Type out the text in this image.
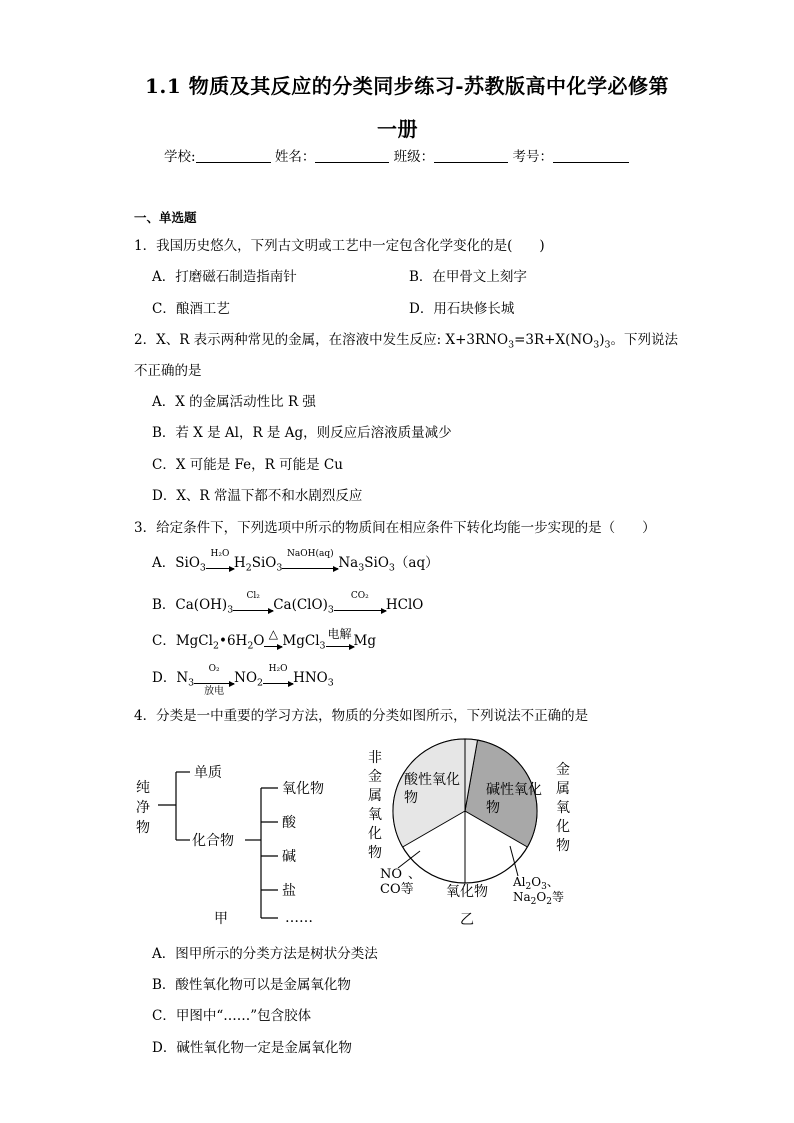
1.1 物质及其反应的分类同步练习-苏教版高中化学必修第
一册
学校:	姓名：	班级：	考号：
一、单选题
1．我国历史悠久，下列古文明或工艺中一定包含化学变化的是(　　)
A．打磨磁石制造指南针	B．在甲骨文上刻字
C．酿酒工艺	D．用石块修长城
2．X、R 表示两种常见的金属，在溶液中发生反应: $X+3RNO_3=3R+X(NO_3)_3$。下列说法
不正确的是
A．X 的金属活动性比 R 强
B．若 X 是 Al，R 是 Ag，则反应后溶液质量减少
C．X 可能是 Fe，R 可能是 Cu
D．X、R 常温下都不和水剧烈反应
3．给定条件下，下列选项中所示的物质间在相应条件下转化均能一步实现的是（　　）
A．SiO$_3$
H₂O
$H_2SiO_3$
NaOH(aq)
$Na_3SiO_3(aq)$
B．$Ca(OH)_3$
Cl₂
$Ca(ClO)_3$
CO₂
HClO
C．$MgCl_2•6H_2O$ △ MgCl$_3$
电解 Mg
D．$N_3$
O₂
放电
$NO_2$
H₂O
$HNO_3$
4．分类是一中重要的学习方法，物质的分类如图所示，下列说法不正确的是
单质
化合物
氧化物
酸
碱
盐
……
甲
纯
净
物
非
金
属
氧
化
物
金
属
氧
化
物
酸性氧化
物	碱性氧化
物
氧化物
NO 、
CO等	$Al_2O_3$、
$Na_2O_2$等
乙
A．图甲所示的分类方法是树状分类法
B．酸性氧化物可以是金属氧化物
C．甲图中“……”包含胶体
D．碱性氧化物一定是金属氧化物
